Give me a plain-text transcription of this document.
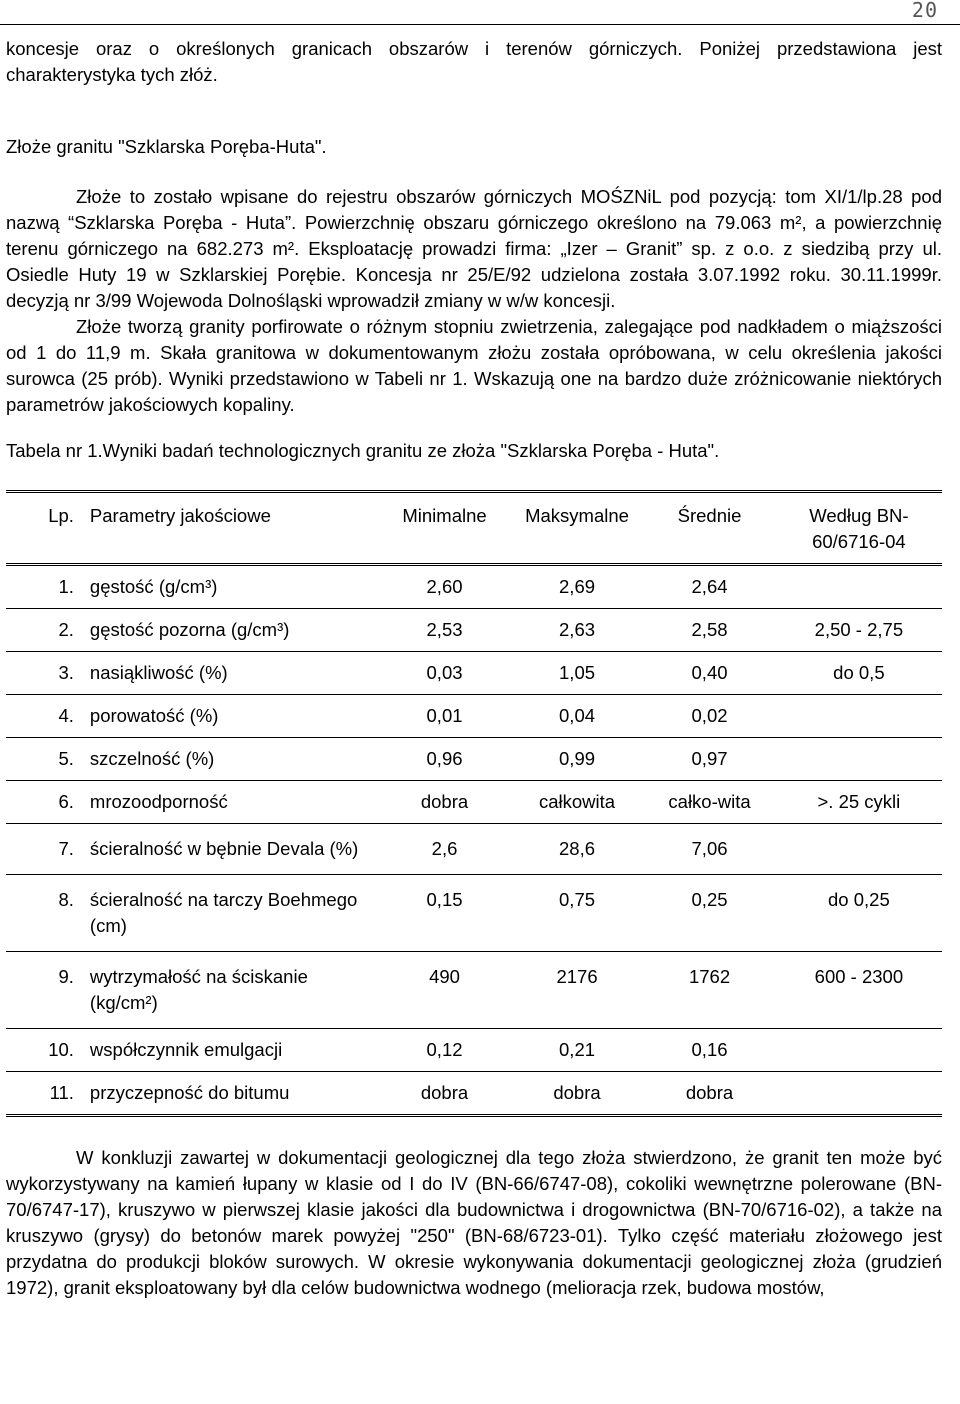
20

koncesje oraz o określonych granicach obszarów i terenów górniczych. Poniżej przedstawiona jest charakterystyka tych złóż.

Złoże granitu "Szklarska Poręba-Huta".

Złoże to zostało wpisane do rejestru obszarów górniczych MOŚZNiL pod pozycją: tom XI/1/lp.28 pod nazwą “Szklarska Poręba - Huta”. Powierzchnię obszaru górniczego określono na 79.063 m², a powierzchnię terenu górniczego na 682.273 m². Eksploatację prowadzi firma: „Izer – Granit” sp. z o.o. z siedzibą przy ul. Osiedle Huty 19 w Szklarskiej Porębie. Koncesja nr 25/E/92 udzielona została 3.07.1992 roku. 30.11.1999r. decyzją nr 3/99 Wojewoda Dolnośląski wprowadził zmiany w w/w koncesji.

Złoże tworzą granity porfirowate o różnym stopniu zwietrzenia, zalegające pod nadkładem o miąższości od 1 do 11,9 m. Skała granitowa w dokumentowanym złożu została opróbowana, w celu określenia jakości surowca (25 prób). Wyniki przedstawiono w Tabeli nr 1. Wskazują one na bardzo duże zróżnicowanie niektórych parametrów jakościowych kopaliny.

Tabela nr 1.Wyniki badań technologicznych granitu ze złoża "Szklarska Poręba - Huta".

Lp.	Parametry jakościowe	Minimalne	Maksymalne	Średnie	Według BN-60/6716-04
1.	gęstość (g/cm³)	2,60	2,69	2,64	
2.	gęstość pozorna (g/cm³)	2,53	2,63	2,58	2,50 - 2,75
3.	nasiąkliwość (%)	0,03	1,05	0,40	do 0,5
4.	porowatość (%)	0,01	0,04	0,02	
5.	szczelność (%)	0,96	0,99	0,97	
6.	mrozoodporność	dobra	całkowita	całko-wita	>. 25 cykli
7.	ścieralność w bębnie Devala (%)	2,6	28,6	7,06	
8.	ścieralność na tarczy Boehmego (cm)	0,15	0,75	0,25	do 0,25
9.	wytrzymałość na ściskanie (kg/cm²)	490	2176	1762	600 - 2300
10.	współczynnik emulgacji	0,12	0,21	0,16	
11.	przyczepność do bitumu	dobra	dobra	dobra	

W konkluzji zawartej w dokumentacji geologicznej dla tego złoża stwierdzono, że granit ten może być wykorzystywany na kamień łupany w klasie od I do IV (BN-66/6747-08), cokoliki wewnętrzne polerowane (BN-70/6747-17), kruszywo w pierwszej klasie jakości dla budownictwa i drogownictwa (BN-70/6716-02), a także na kruszywo (grysy) do betonów marek powyżej "250" (BN-68/6723-01). Tylko część materiału złożowego jest przydatna do produkcji bloków surowych. W okresie wykonywania dokumentacji geologicznej złoża (grudzień 1972), granit eksploatowany był dla celów budownictwa wodnego (melioracja rzek, budowa mostów,
